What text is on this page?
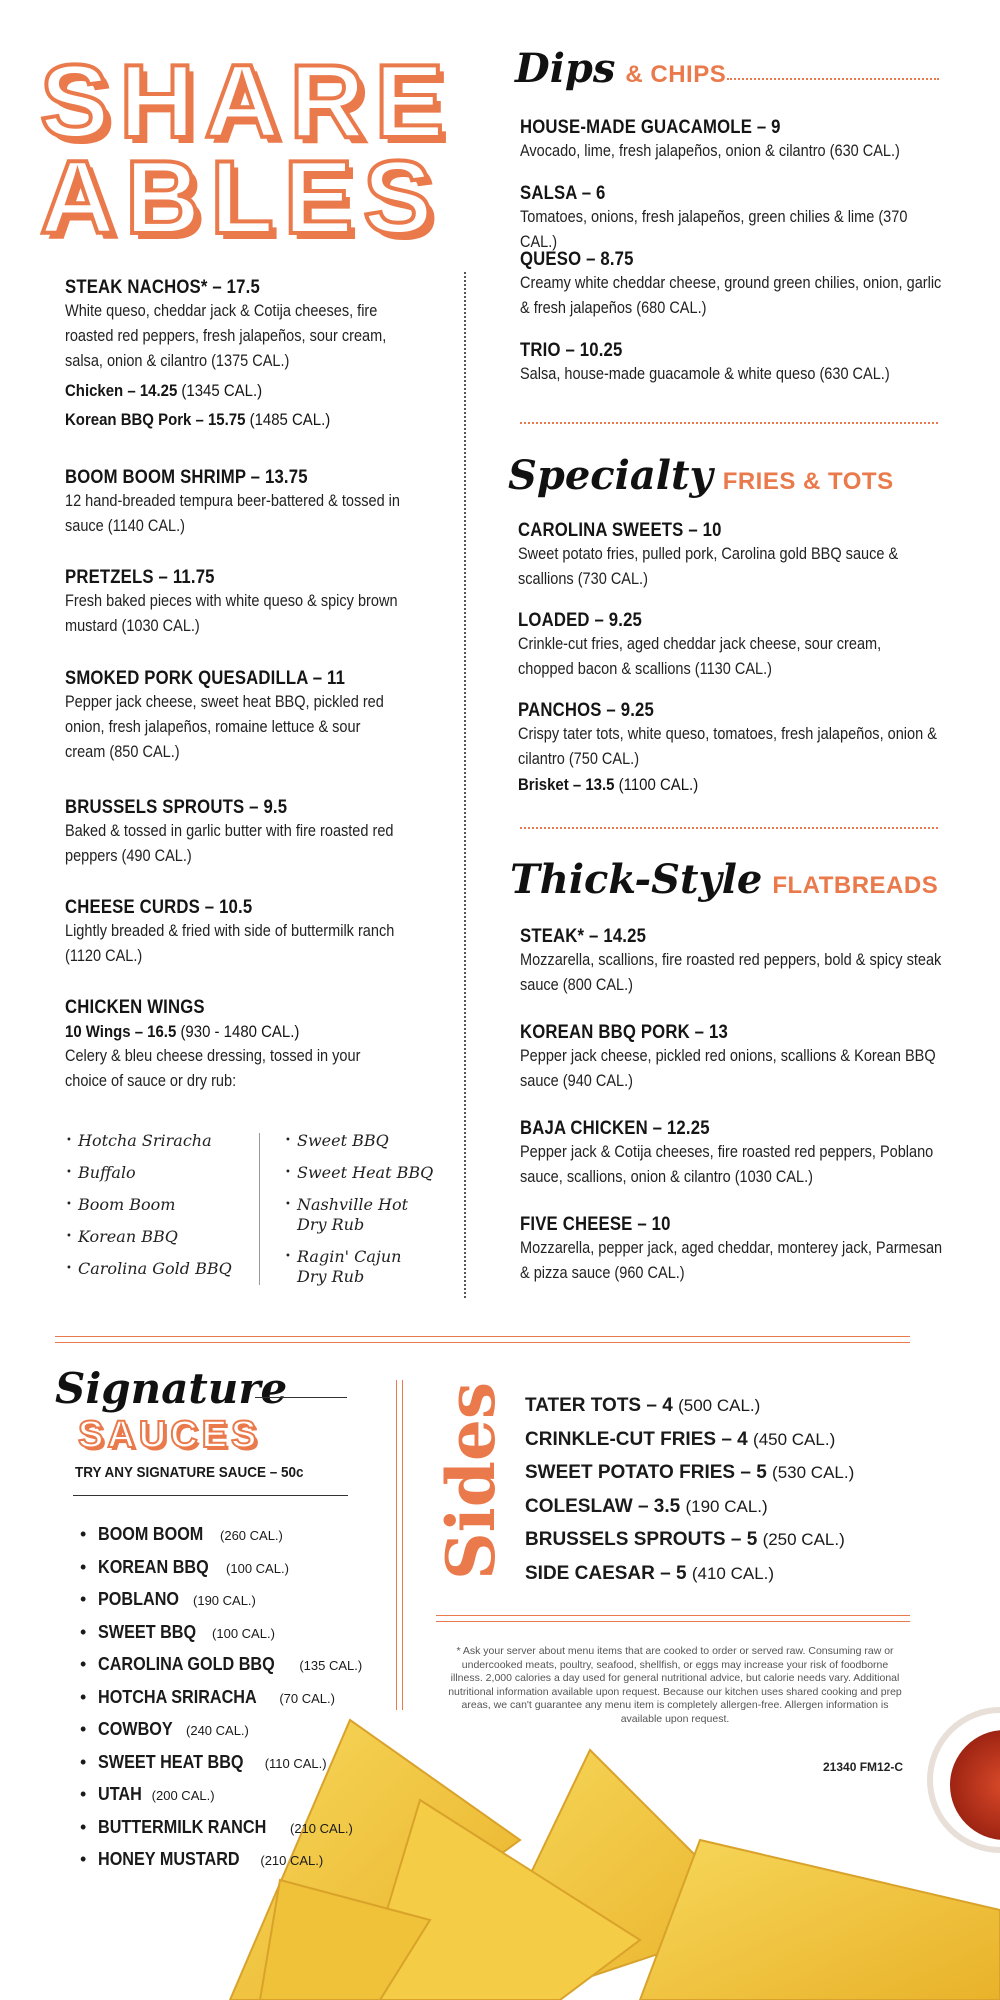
SHARE
ABLES
STEAK NACHOS* – 17.5
White queso, cheddar jack & Cotija cheeses, fire roasted red peppers, fresh jalapeños, sour cream, salsa, onion & cilantro (1375 CAL.)
Chicken – 14.25 (1345 CAL.)
Korean BBQ Pork – 15.75 (1485 CAL.)
BOOM BOOM SHRIMP – 13.75
12 hand-breaded tempura beer-battered & tossed in sauce (1140 CAL.)
PRETZELS – 11.75
Fresh baked pieces with white queso & spicy brown mustard (1030 CAL.)
SMOKED PORK QUESADILLA – 11
Pepper jack cheese, sweet heat BBQ, pickled red onion, fresh jalapeños, romaine lettuce & sour cream (850 CAL.)
BRUSSELS SPROUTS – 9.5
Baked & tossed in garlic butter with fire roasted red peppers (490 CAL.)
CHEESE CURDS – 10.5
Lightly breaded & fried with side of buttermilk ranch (1120 CAL.)
CHICKEN WINGS
10 Wings – 16.5 (930 - 1480 CAL.)
Celery & bleu cheese dressing, tossed in your choice of sauce or dry rub:
• Hotcha Sriracha
• Buffalo
• Boom Boom
• Korean BBQ
• Carolina Gold BBQ
• Sweet BBQ
• Sweet Heat BBQ
• Nashville Hot Dry Rub
• Ragin' Cajun Dry Rub
Dips & CHIPS
HOUSE-MADE GUACAMOLE – 9
Avocado, lime, fresh jalapeños, onion & cilantro (630 CAL.)
SALSA – 6
Tomatoes, onions, fresh jalapeños, green chilies & lime (370 CAL.)
QUESO – 8.75
Creamy white cheddar cheese, ground green chilies, onion, garlic & fresh jalapeños (680 CAL.)
TRIO – 10.25
Salsa, house-made guacamole & white queso (630 CAL.)
Specialty FRIES & TOTS
CAROLINA SWEETS – 10
Sweet potato fries, pulled pork, Carolina gold BBQ sauce & scallions (730 CAL.)
LOADED – 9.25
Crinkle-cut fries, aged cheddar jack cheese, sour cream, chopped bacon & scallions (1130 CAL.)
PANCHOS – 9.25
Crispy tater tots, white queso, tomatoes, fresh jalapeños, onion & cilantro (750 CAL.)
Brisket – 13.5 (1100 CAL.)
Thick-Style FLATBREADS
STEAK* – 14.25
Mozzarella, scallions, fire roasted red peppers, bold & spicy steak sauce (800 CAL.)
KOREAN BBQ PORK – 13
Pepper jack cheese, pickled red onions, scallions & Korean BBQ sauce (940 CAL.)
BAJA CHICKEN – 12.25
Pepper jack & Cotija cheeses, fire roasted red peppers, Poblano sauce, scallions, onion & cilantro (1030 CAL.)
FIVE CHEESE – 10
Mozzarella, pepper jack, aged cheddar, monterey jack, Parmesan & pizza sauce (960 CAL.)
Signature
SAUCES
TRY ANY SIGNATURE SAUCE – 50c
• BOOM BOOM (260 CAL.)
• KOREAN BBQ (100 CAL.)
• POBLANO (190 CAL.)
• SWEET BBQ (100 CAL.)
• CAROLINA GOLD BBQ (135 CAL.)
• HOTCHA SRIRACHA (70 CAL.)
• COWBOY (240 CAL.)
• SWEET HEAT BBQ (110 CAL.)
• UTAH (200 CAL.)
• BUTTERMILK RANCH (210 CAL.)
• HONEY MUSTARD (210 CAL.)
Sides TATER TOTS – 4 (500 CAL.)
CRINKLE-CUT FRIES – 4 (450 CAL.)
SWEET POTATO FRIES – 5 (530 CAL.)
COLESLAW – 3.5 (190 CAL.)
BRUSSELS SPROUTS – 5 (250 CAL.)
SIDE CAESAR – 5 (410 CAL.)
* Ask your server about menu items that are cooked to order or served raw. Consuming raw or undercooked meats, poultry, seafood, shellfish, or eggs may increase your risk of foodborne illness. 2,000 calories a day used for general nutritional advice, but calorie needs vary. Additional nutritional information available upon request. Because our kitchen uses shared cooking and prep areas, we can't guarantee any menu item is completely allergen-free. Allergen information is available upon request.
21340 FM12-C
